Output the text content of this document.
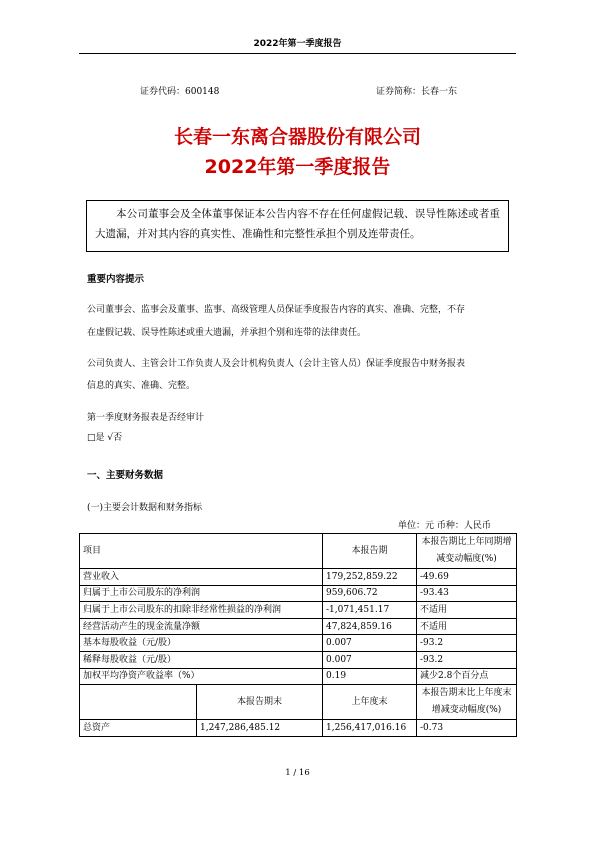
2022年第一季度报告
证券代码：600148	证券简称：长春一东
长春一东离合器股份有限公司
2022年第一季度报告
本公司董事会及全体董事保证本公告内容不存在任何虚假记载、误导性陈述或者重大遗漏，并对其内容的真实性、准确性和完整性承担个别及连带责任。
重要内容提示
公司董事会、监事会及董事、监事、高级管理人员保证季度报告内容的真实、准确、完整，不存
在虚假记载、误导性陈述或重大遗漏，并承担个别和连带的法律责任。
公司负责人、主管会计工作负责人及会计机构负责人（会计主管人员）保证季度报告中财务报表
信息的真实、准确、完整。
第一季度财务报表是否经审计
□是 √否
一、主要财务数据
(一)主要会计数据和财务指标
单位：元 币种：人民币
项目		本报告期	本报告期比上年同期增减变动幅度(%)
营业收入		179,252,859.22	-49.69
归属于上市公司股东的净利润		959,606.72	-93.43
归属于上市公司股东的扣除非经常性损益的净利润		-1,071,451.17	不适用
经营活动产生的现金流量净额		47,824,859.16	不适用
基本每股收益（元/股）		0.007	-93.2
稀释每股收益（元/股）		0.007	-93.2
加权平均净资产收益率（%）		0.19	减少2.8个百分点
	本报告期末	上年度末	本报告期末比上年度末增减变动幅度(%)
总资产	1,247,286,485.12	1,256,417,016.16	-0.73
1 / 16
